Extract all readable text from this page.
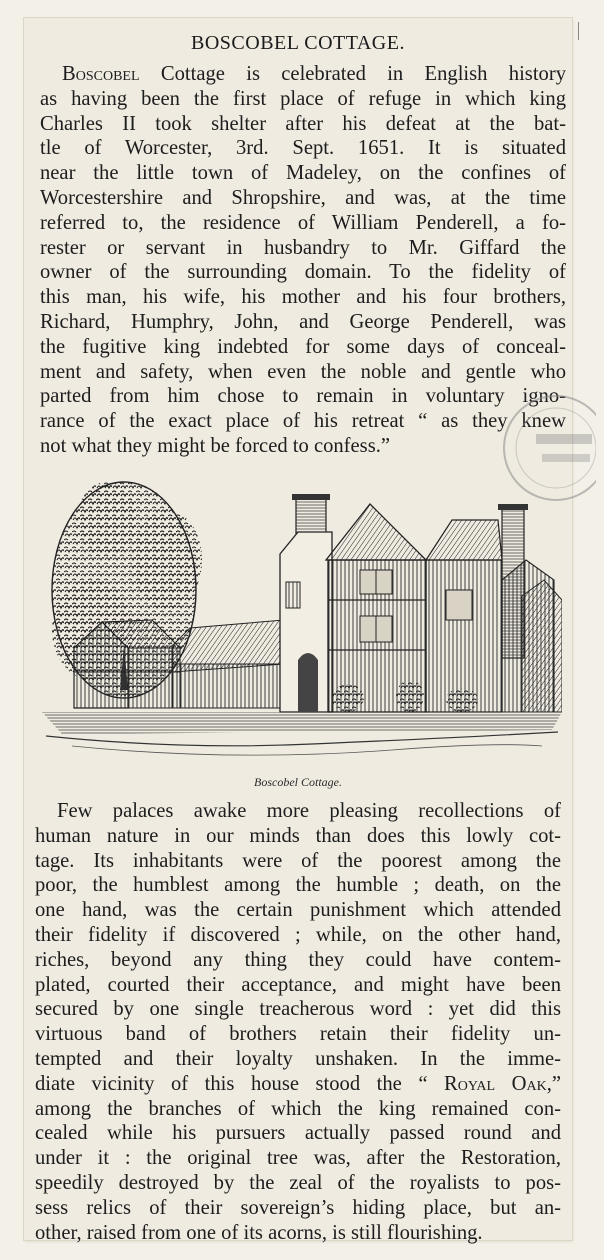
BOSCOBEL COTTAGE.
Boscobel Cottage is celebrated in English history
as having been the first place of refuge in which king
Charles II took shelter after his defeat at the bat-
tle of Worcester, 3rd. Sept. 1651. It is situated
near the little town of Madeley, on the confines of
Worcestershire and Shropshire, and was, at the time
referred to, the residence of William Penderell, a fo-
rester or servant in husbandry to Mr. Giffard the
owner of the surrounding domain. To the fidelity of
this man, his wife, his mother and his four brothers,
Richard, Humphry, John, and George Penderell, was
the fugitive king indebted for some days of conceal-
ment and safety, when even the noble and gentle who
parted from him chose to remain in voluntary igno-
rance of the exact place of his retreat “ as they knew
not what they might be forced to confess.”
Boscobel Cottage.
Few palaces awake more pleasing recollections of
human nature in our minds than does this lowly cot-
tage. Its inhabitants were of the poorest among the
poor, the humblest among the humble ; death, on the
one hand, was the certain punishment which attended
their fidelity if discovered ; while, on the other hand,
riches, beyond any thing they could have contem-
plated, courted their acceptance, and might have been
secured by one single treacherous word : yet did this
virtuous band of brothers retain their fidelity un-
tempted and their loyalty unshaken. In the imme-
diate vicinity of this house stood the “ Royal Oak,”
among the branches of which the king remained con-
cealed while his pursuers actually passed round and
under it : the original tree was, after the Restoration,
speedily destroyed by the zeal of the royalists to pos-
sess relics of their sovereign’s hiding place, but an-
other, raised from one of its acorns, is still flourishing.
